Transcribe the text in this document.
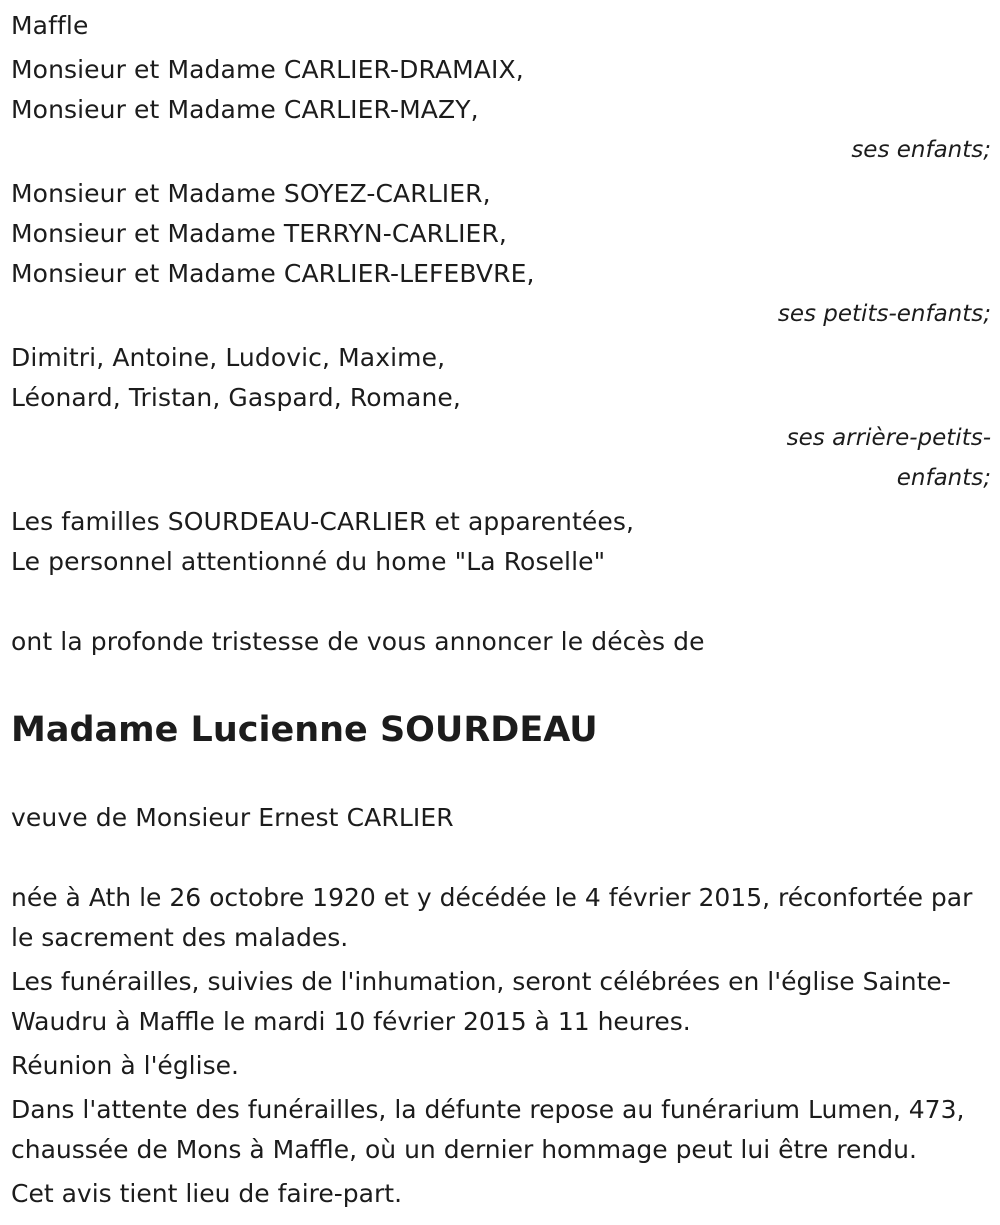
Maffle
Monsieur et Madame CARLIER-DRAMAIX,
Monsieur et Madame CARLIER-MAZY,
ses enfants;
Monsieur et Madame SOYEZ-CARLIER,
Monsieur et Madame TERRYN-CARLIER,
Monsieur et Madame CARLIER-LEFEBVRE,
ses petits-enfants;
Dimitri, Antoine, Ludovic, Maxime,
Léonard, Tristan, Gaspard, Romane,
ses arrière-petits-
enfants;
Les familles SOURDEAU-CARLIER et apparentées,
Le personnel attentionné du home "La Roselle"
ont la profonde tristesse de vous annoncer le décès de
Madame Lucienne SOURDEAU
veuve de Monsieur Ernest CARLIER
née à Ath le 26 octobre 1920 et y décédée le 4 février 2015, réconfortée par le sacrement des malades.
Les funérailles, suivies de l'inhumation, seront célébrées en l'église Sainte-Waudru à Maffle le mardi 10 février 2015 à 11 heures.
Réunion à l'église.
Dans l'attente des funérailles, la défunte repose au funérarium Lumen, 473, chaussée de Mons à Maffle, où un dernier hommage peut lui être rendu.
Cet avis tient lieu de faire-part.
